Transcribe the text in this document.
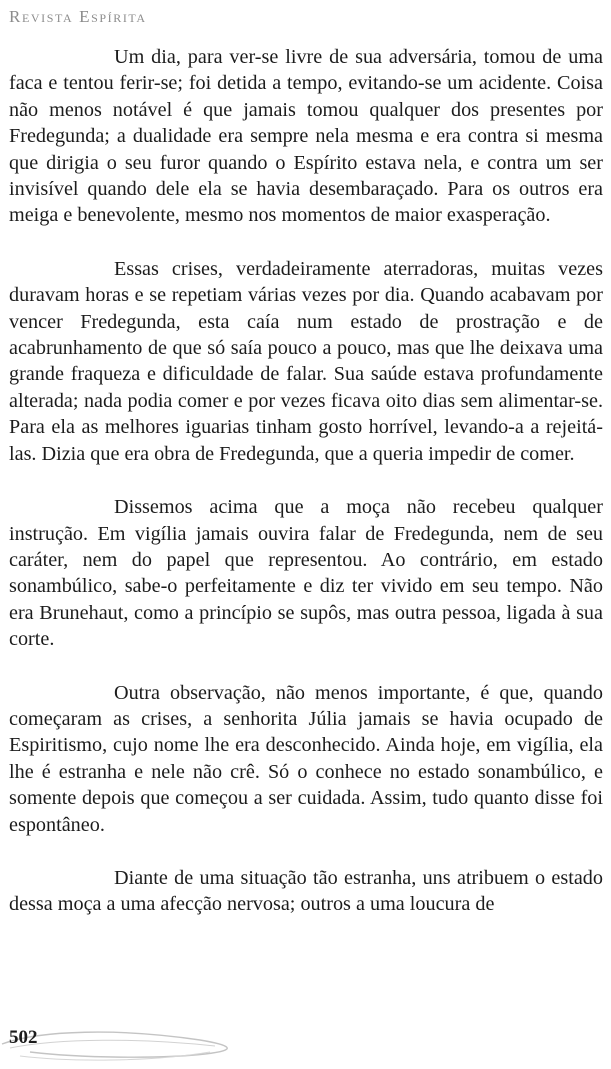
Revista Espírita

Um dia, para ver-se livre de sua adversária, tomou de uma faca e tentou ferir-se; foi detida a tempo, evitando-se um acidente. Coisa não menos notável é que jamais tomou qualquer dos presentes por Fredegunda; a dualidade era sempre nela mesma e era contra si mesma que dirigia o seu furor quando o Espírito estava nela, e contra um ser invisível quando dele ela se havia desembaraçado. Para os outros era meiga e benevolente, mesmo nos momentos de maior exasperação.

Essas crises, verdadeiramente aterradoras, muitas vezes duravam horas e se repetiam várias vezes por dia. Quando acabavam por vencer Fredegunda, esta caía num estado de prostração e de acabrunhamento de que só saía pouco a pouco, mas que lhe deixava uma grande fraqueza e dificuldade de falar. Sua saúde estava profundamente alterada; nada podia comer e por vezes ficava oito dias sem alimentar-se. Para ela as melhores iguarias tinham gosto horrível, levando-a a rejeitá-las. Dizia que era obra de Fredegunda, que a queria impedir de comer.

Dissemos acima que a moça não recebeu qualquer instrução. Em vigília jamais ouvira falar de Fredegunda, nem de seu caráter, nem do papel que representou. Ao contrário, em estado sonambúlico, sabe-o perfeitamente e diz ter vivido em seu tempo. Não era Brunehaut, como a princípio se supôs, mas outra pessoa, ligada à sua corte.

Outra observação, não menos importante, é que, quando começaram as crises, a senhorita Júlia jamais se havia ocupado de Espiritismo, cujo nome lhe era desconhecido. Ainda hoje, em vigília, ela lhe é estranha e nele não crê. Só o conhece no estado sonambúlico, e somente depois que começou a ser cuidada. Assim, tudo quanto disse foi espontâneo.

Diante de uma situação tão estranha, uns atribuem o estado dessa moça a uma afecção nervosa; outros a uma loucura de

502
